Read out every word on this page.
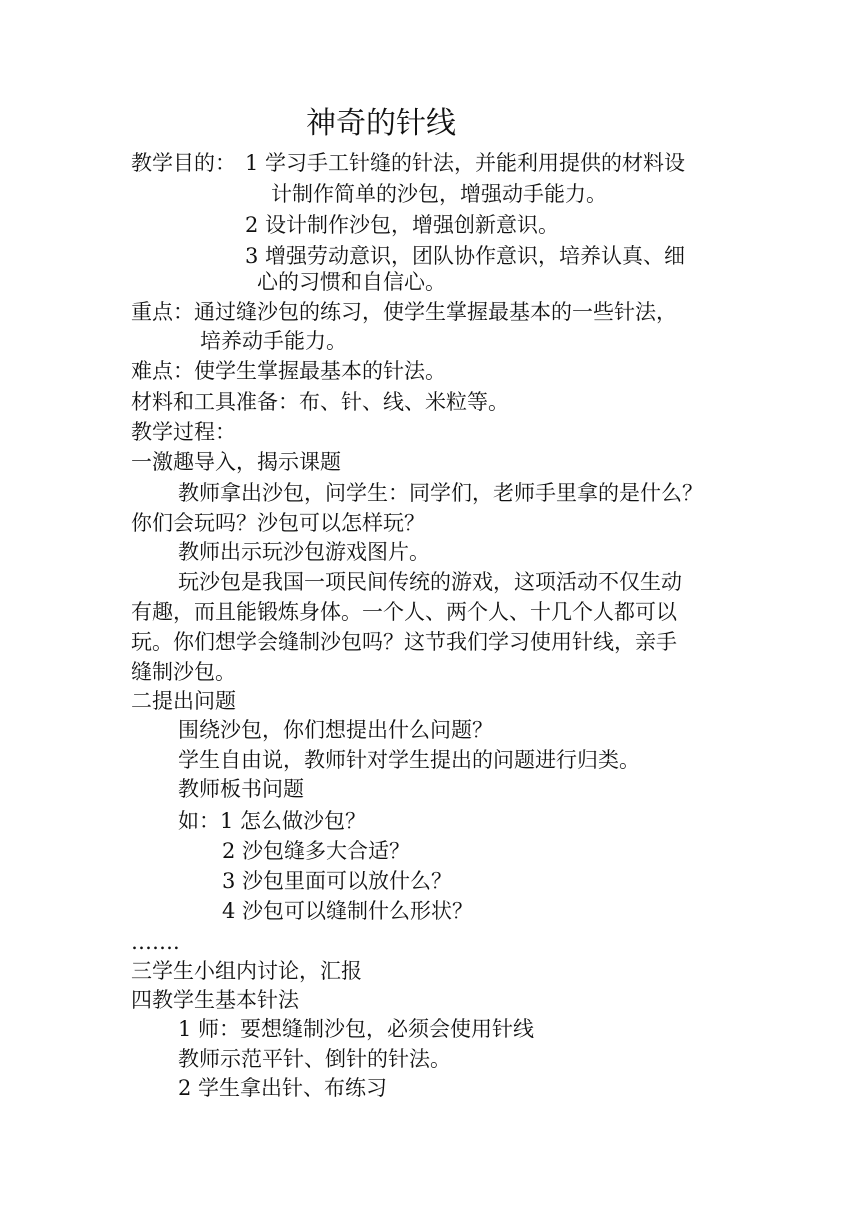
神奇的针线
教学目的： 1 学习手工针缝的针法，并能利用提供的材料设
计制作简单的沙包，增强动手能力。
2 设计制作沙包，增强创新意识。
3 增强劳动意识，团队协作意识，培养认真、细
心的习惯和自信心。
重点：通过缝沙包的练习，使学生掌握最基本的一些针法，
培养动手能力。
难点：使学生掌握最基本的针法。
材料和工具准备：布、针、线、米粒等。
教学过程：
一激趣导入，揭示课题
教师拿出沙包，问学生：同学们，老师手里拿的是什么？
你们会玩吗？沙包可以怎样玩？
教师出示玩沙包游戏图片。
玩沙包是我国一项民间传统的游戏，这项活动不仅生动
有趣，而且能锻炼身体。一个人、两个人、十几个人都可以
玩。你们想学会缝制沙包吗？这节我们学习使用针线，亲手
缝制沙包。
二提出问题
围绕沙包，你们想提出什么问题？
学生自由说，教师针对学生提出的问题进行归类。
教师板书问题
如：1 怎么做沙包？
2 沙包缝多大合适？
3 沙包里面可以放什么？
4 沙包可以缝制什么形状？
…….
三学生小组内讨论，汇报
四教学生基本针法
1 师：要想缝制沙包，必须会使用针线
教师示范平针、倒针的针法。
2 学生拿出针、布练习
